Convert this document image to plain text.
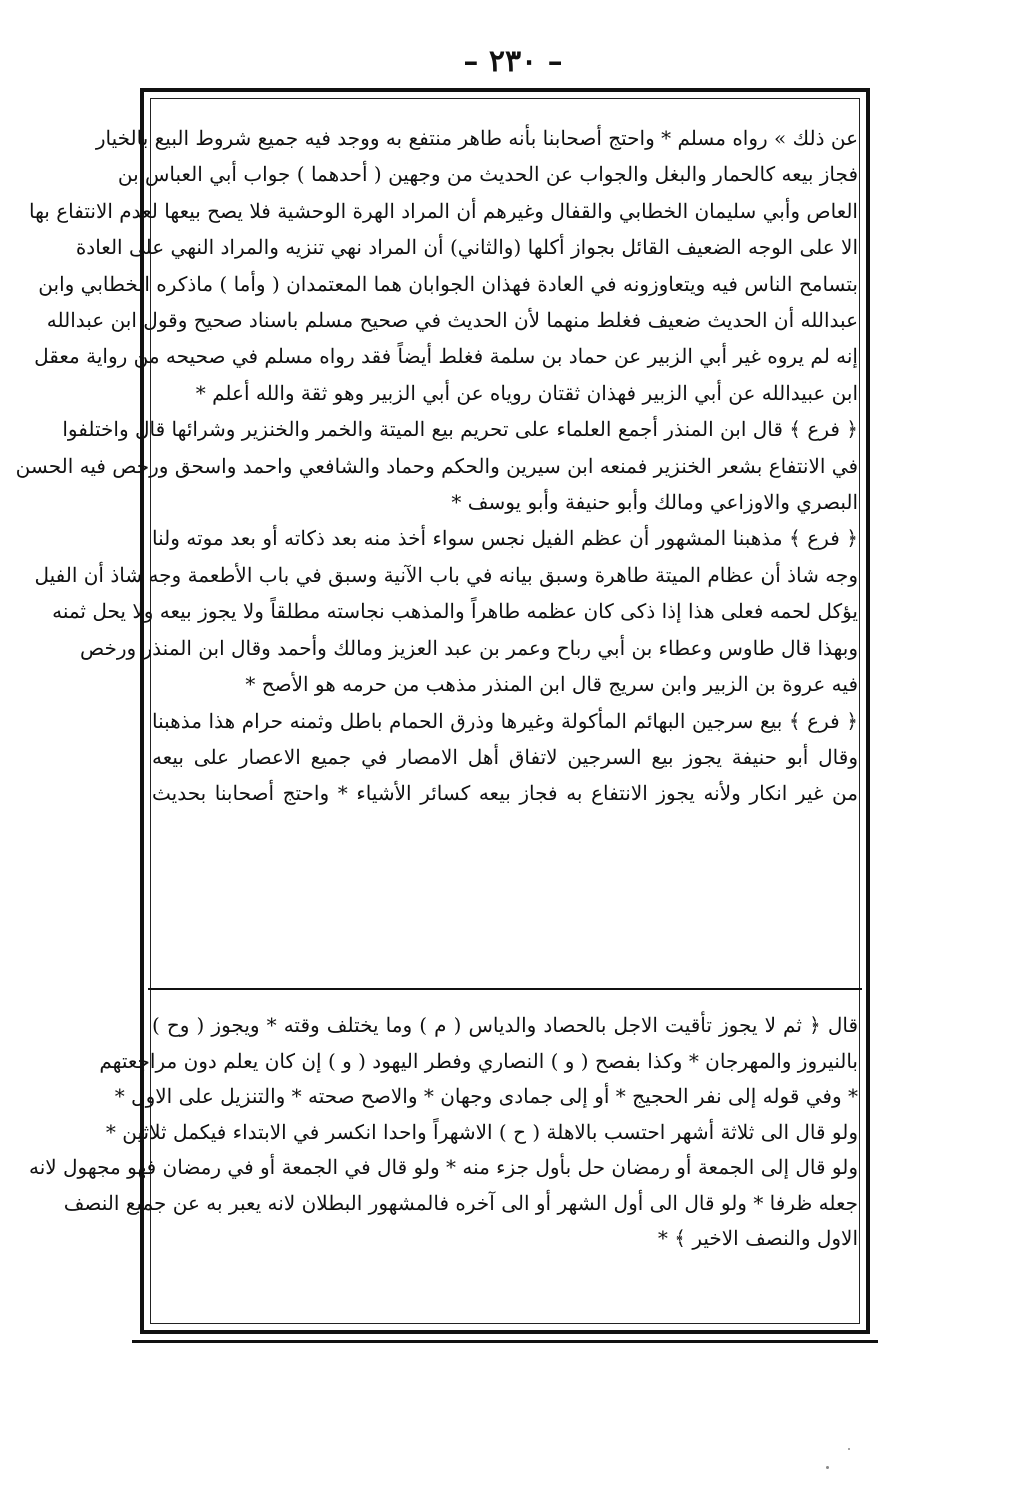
– ٢٣٠ –
عن ذلك » رواه مسلم * واحتج أصحابنا بأنه طاهر منتفع به ووجد فيه جميع شروط البيع بالخيار
فجاز بيعه كالحمار والبغل والجواب عن الحديث من وجهين ( أحدهما ) جواب أبي العباس بن
العاص وأبي سليمان الخطابي والقفال وغيرهم أن المراد الهرة الوحشية فلا يصح بيعها لعدم الانتفاع بها
الا على الوجه الضعيف القائل بجواز أكلها (والثاني) أن المراد نهي تنزيه والمراد النهي على العادة
بتسامح الناس فيه ويتعاوزونه في العادة فهذان الجوابان هما المعتمدان ( وأما ) ماذكره الخطابي وابن
عبدالله أن الحديث ضعيف فغلط منهما لأن الحديث في صحيح مسلم باسناد صحيح وقول ابن عبدالله
إنه لم يروه غير أبي الزبير عن حماد بن سلمة فغلط أيضاً فقد رواه مسلم في صحيحه من رواية معقل
ابن عبيدالله عن أبي الزبير فهذان ثقتان روياه عن أبي الزبير وهو ثقة والله أعلم *
﴿ فرع ﴾ قال ابن المنذر أجمع العلماء على تحريم بيع الميتة والخمر والخنزير وشرائها قال واختلفوا
في الانتفاع بشعر الخنزير فمنعه ابن سيرين والحكم وحماد والشافعي واحمد واسحق ورخص فيه الحسن
البصري والاوزاعي ومالك وأبو حنيفة وأبو يوسف *
﴿ فرع ﴾ مذهبنا المشهور أن عظم الفيل نجس سواء أخذ منه بعد ذكاته أو بعد موته ولنا
وجه شاذ أن عظام الميتة طاهرة وسبق بيانه في باب الآنية وسبق في باب الأطعمة وجه شاذ أن الفيل
يؤكل لحمه فعلى هذا إذا ذكى كان عظمه طاهراً والمذهب نجاسته مطلقاً ولا يجوز بيعه ولا يحل ثمنه
وبهذا قال طاوس وعطاء بن أبي رباح وعمر بن عبد العزيز ومالك وأحمد وقال ابن المنذر ورخص
فيه عروة بن الزبير وابن سريج قال ابن المنذر مذهب من حرمه هو الأصح *
﴿ فرع ﴾ بيع سرجين البهائم المأكولة وغيرها وذرق الحمام باطل وثمنه حرام هذا مذهبنا
وقال أبو حنيفة يجوز بيع السرجين لاتفاق أهل الامصار في جميع الاعصار على بيعه
من غير انكار ولأنه يجوز الانتفاع به فجاز بيعه كسائر الأشياء * واحتج أصحابنا بحديث
قال ﴿ ثم لا يجوز تأقيت الاجل بالحصاد والدياس ( م ) وما يختلف وقته * ويجوز ( وح )
بالنيروز والمهرجان * وكذا بفصح ( و ) النصاري وفطر اليهود ( و ) إن كان يعلم دون مراجعتهم
* وفي قوله إلى نفر الحجيج * أو إلى جمادى وجهان * والاصح صحته * والتنزيل على الاول *
ولو قال الى ثلاثة أشهر احتسب بالاهلة ( ح ) الاشهراً واحدا انكسر في الابتداء فيكمل ثلاثين *
ولو قال إلى الجمعة أو رمضان حل بأول جزء منه * ولو قال في الجمعة أو في رمضان فهو مجهول لانه
جعله ظرفا * ولو قال الى أول الشهر أو الى آخره فالمشهور البطلان لانه يعبر به عن جميع النصف
الاول والنصف الاخير ﴾ *
